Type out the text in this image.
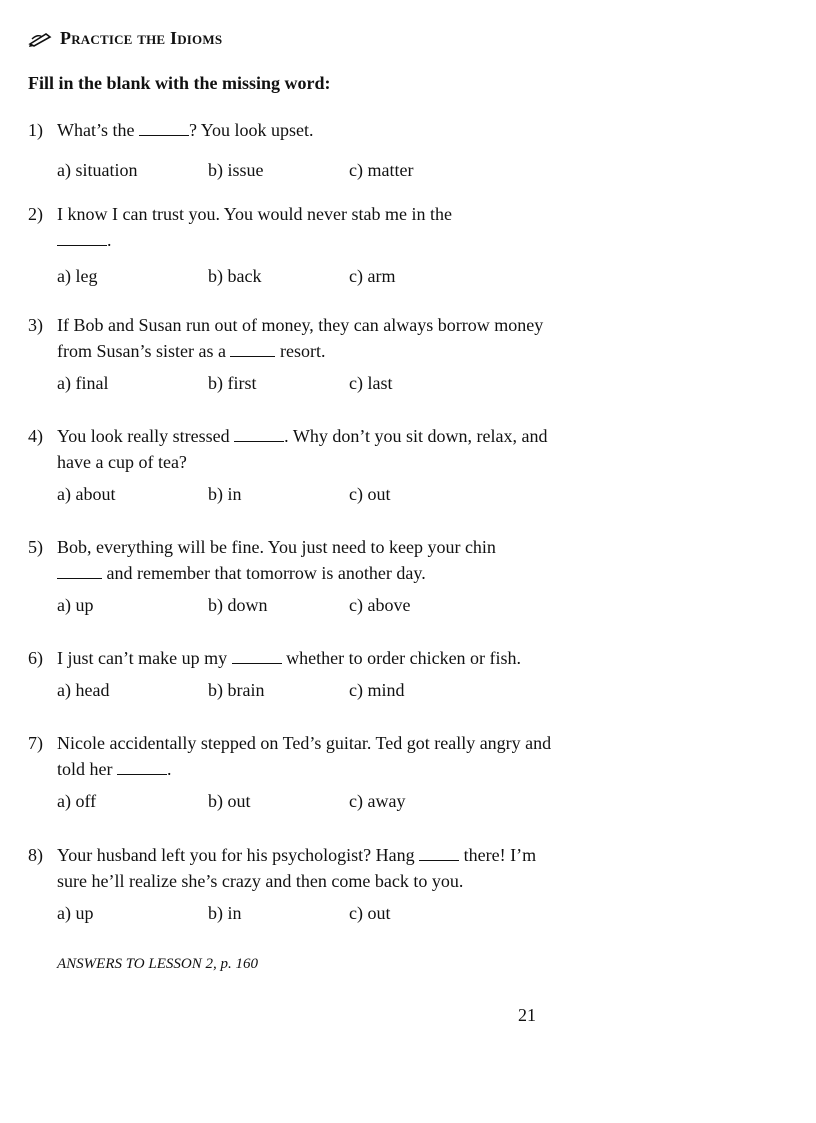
Practice the Idioms
Fill in the blank with the missing word:
1) What’s the	? You look upset.
a) situation	b) issue	c) matter
2) I know I can trust you. You would never stab me in the
.
a) leg	b) back	c) arm
3) If Bob and Susan run out of money, they can always borrow money from Susan’s sister as a	resort.
a) final	b) first	c) last
4) You look really stressed	. Why don’t you sit down, relax, and have a cup of tea?
a) about	b) in	c) out
5) Bob, everything will be fine. You just need to keep your chin
and remember that tomorrow is another day.
a) up	b) down	c) above
6) I just can’t make up my	whether to order chicken or fish.
a) head	b) brain	c) mind
7) Nicole accidentally stepped on Ted’s guitar. Ted got really angry and told her	.
a) off	b) out	c) away
8) Your husband left you for his psychologist? Hang	there! I’m sure he’ll realize she’s crazy and then come back to you.
a) up	b) in	c) out
ANSWERS TO LESSON 2, p. 160
21
